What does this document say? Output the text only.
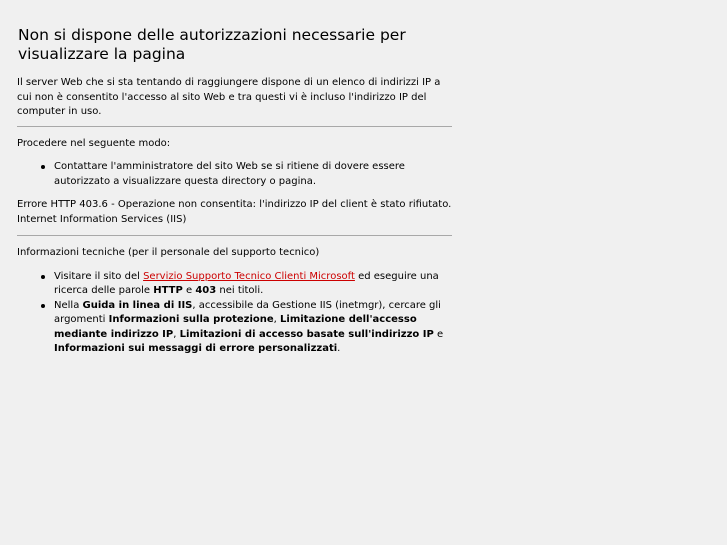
Non si dispone delle autorizzazioni necessarie per
visualizzare la pagina

Il server Web che si sta tentando di raggiungere dispone di un elenco di indirizzi IP a cui non è consentito l'accesso al sito Web e tra questi vi è incluso l'indirizzo IP del computer in uso.

Procedere nel seguente modo:

Contattare l'amministratore del sito Web se si ritiene di dovere essere autorizzato a visualizzare questa directory o pagina.

Errore HTTP 403.6 - Operazione non consentita: l'indirizzo IP del client è stato rifiutato.

Internet Information Services (IIS)

Informazioni tecniche (per il personale del supporto tecnico)

Visitare il sito del Servizio Supporto Tecnico Clienti Microsoft ed eseguire una ricerca delle parole HTTP e 403 nei titoli.
Nella Guida in linea di IIS, accessibile da Gestione IIS (inetmgr), cercare gli argomenti Informazioni sulla protezione, Limitazione dell'accesso mediante indirizzo IP, Limitazioni di accesso basate sull'indirizzo IP e Informazioni sui messaggi di errore personalizzati.
